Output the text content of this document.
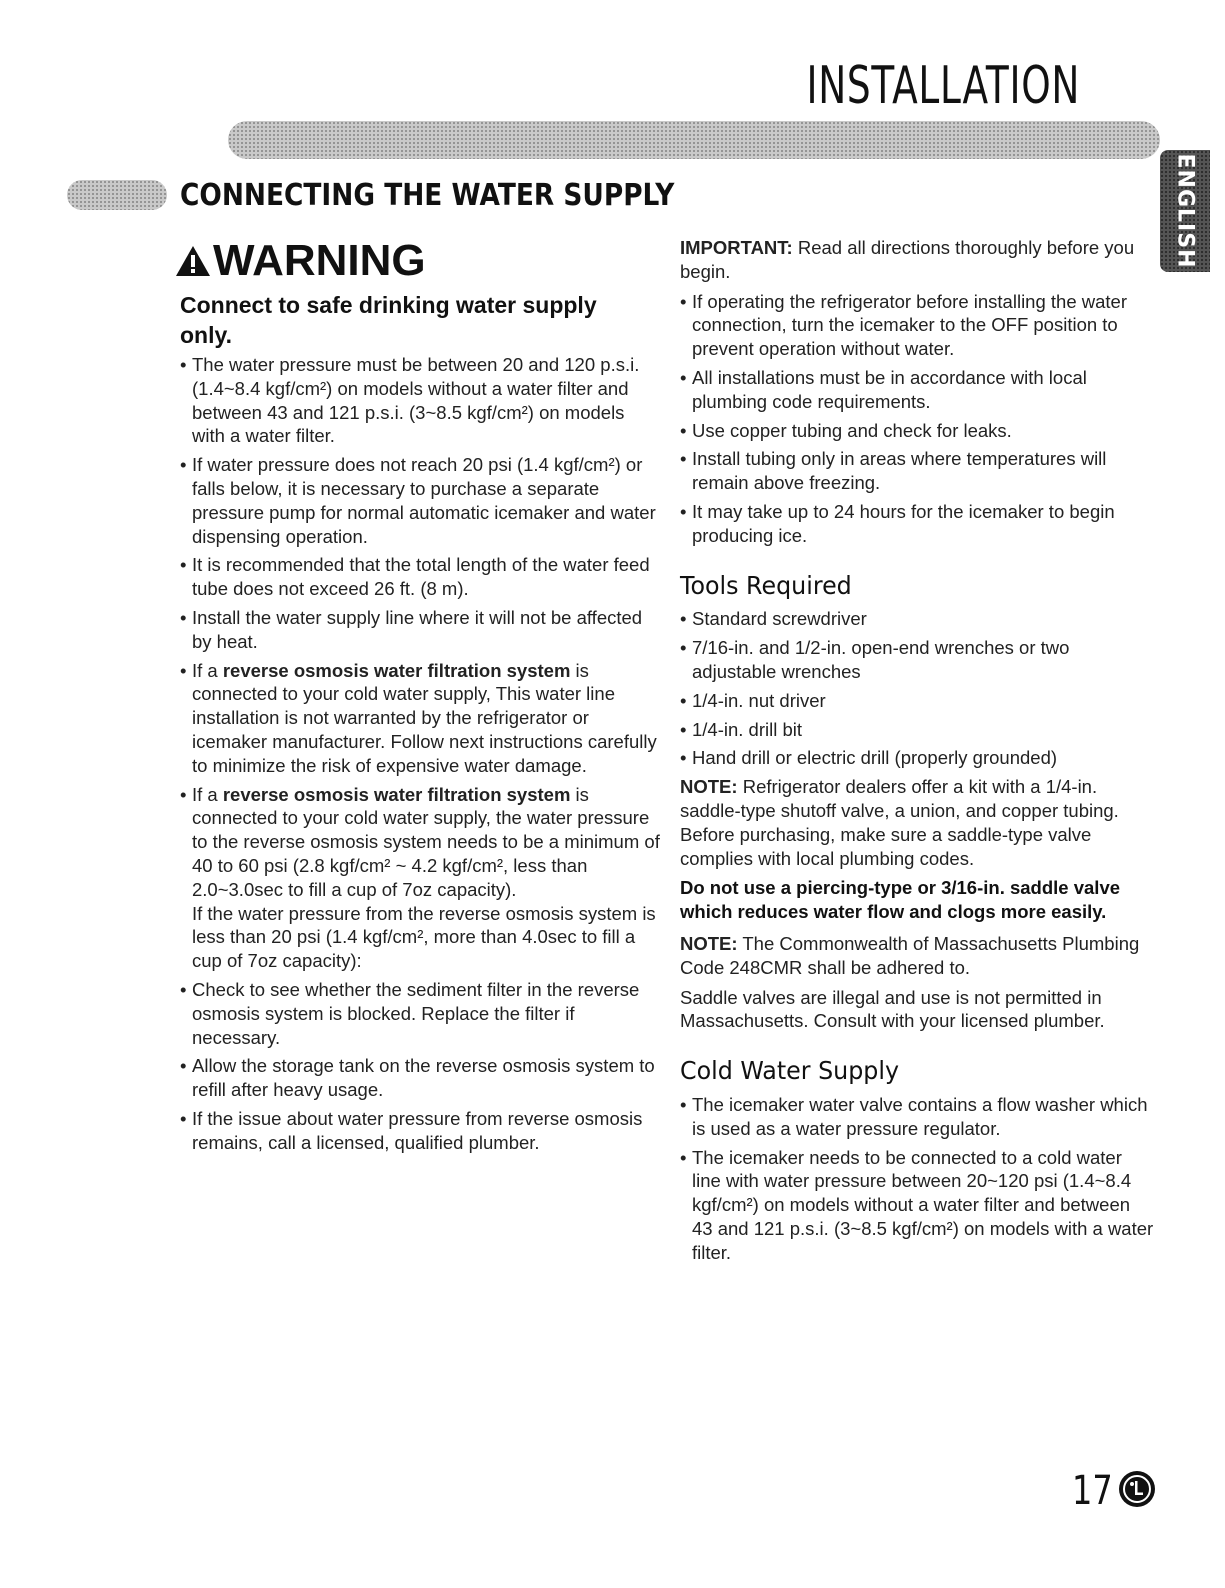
INSTALLATION
ENGLISH
CONNECTING THE WATER SUPPLY
WARNING
Connect to safe drinking water supply only.
• The water pressure must be between 20 and 120 p.s.i. (1.4~8.4 kgf/cm²) on models without a water filter and between 43 and 121 p.s.i. (3~8.5 kgf/cm²) on models with a water filter.
• If water pressure does not reach 20 psi (1.4 kgf/cm²) or falls below, it is necessary to purchase a separate pressure pump for normal automatic icemaker and water dispensing operation.
• It is recommended that the total length of the water feed tube does not exceed 26 ft. (8 m).
• Install the water supply line where it will not be affected by heat.
• If a reverse osmosis water filtration system is connected to your cold water supply, This water line installation is not warranted by the refrigerator or icemaker manufacturer. Follow next instructions carefully to minimize the risk of expensive water damage.
• If a reverse osmosis water filtration system is connected to your cold water supply, the water pressure to the reverse osmosis system needs to be a minimum of 40 to 60 psi (2.8 kgf/cm² ~ 4.2 kgf/cm², less than 2.0~3.0sec to fill a cup of 7oz capacity).
If the water pressure from the reverse osmosis system is less than 20 psi (1.4 kgf/cm², more than 4.0sec to fill a cup of 7oz capacity):
• Check to see whether the sediment filter in the reverse osmosis system is blocked. Replace the filter if necessary.
• Allow the storage tank on the reverse osmosis system to refill after heavy usage.
• If the issue about water pressure from reverse osmosis remains, call a licensed, qualified plumber.
IMPORTANT: Read all directions thoroughly before you begin.
• If operating the refrigerator before installing the water connection, turn the icemaker to the OFF position to prevent operation without water.
• All installations must be in accordance with local plumbing code requirements.
• Use copper tubing and check for leaks.
• Install tubing only in areas where temperatures will remain above freezing.
• It may take up to 24 hours for the icemaker to begin producing ice.
Tools Required
• Standard screwdriver
• 7/16-in. and 1/2-in. open-end wrenches or two adjustable wrenches
• 1/4-in. nut driver
• 1/4-in. drill bit
• Hand drill or electric drill (properly grounded)
NOTE: Refrigerator dealers offer a kit with a 1/4-in. saddle-type shutoff valve, a union, and copper tubing. Before purchasing, make sure a saddle-type valve complies with local plumbing codes.
Do not use a piercing-type or 3/16-in. saddle valve which reduces water flow and clogs more easily.
NOTE: The Commonwealth of Massachusetts Plumbing Code 248CMR shall be adhered to.
Saddle valves are illegal and use is not permitted in Massachusetts. Consult with your licensed plumber.
Cold Water Supply
• The icemaker water valve contains a flow washer which is used as a water pressure regulator.
• The icemaker needs to be connected to a cold water line with water pressure between 20~120 psi (1.4~8.4 kgf/cm²) on models without a water filter and between 43 and 121 p.s.i. (3~8.5 kgf/cm²) on models with a water filter.
17
